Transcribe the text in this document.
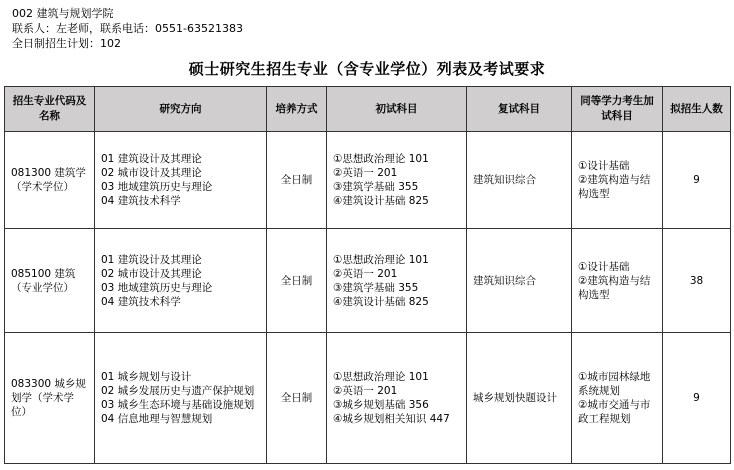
002 建筑与规划学院
联系人：左老师，联系电话：0551-63521383
全日制招生计划：102
硕士研究生招生专业（含专业学位）列表及考试要求
招生专业代码及名称	研究方向	培养方式	初试科目	复试科目	同等学力考生加试科目	拟招生人数
081300 建筑学（学术学位）	01 建筑设计及其理论
02 城市设计及其理论
03 地域建筑历史与理论
04 建筑技术科学	全日制	①思想政治理论 101
②英语一 201
③建筑学基础 355
④建筑设计基础 825	建筑知识综合	①设计基础
②建筑构造与结构选型	9
085100 建筑（专业学位）	01 建筑设计及其理论
02 城市设计及其理论
03 地域建筑历史与理论
04 建筑技术科学	全日制	①思想政治理论 101
②英语一 201
③建筑学基础 355
④建筑设计基础 825	建筑知识综合	①设计基础
②建筑构造与结构选型	38
083300 城乡规划学（学术学位）	01 城乡规划与设计
02 城乡发展历史与遗产保护规划
03 城乡生态环境与基础设施规划
04 信息地理与智慧规划	全日制	①思想政治理论 101
②英语一 201
③城乡规划基础 356
④城乡规划相关知识 447	城乡规划快题设计	①城市园林绿地系统规划
②城市交通与市政工程规划	9
